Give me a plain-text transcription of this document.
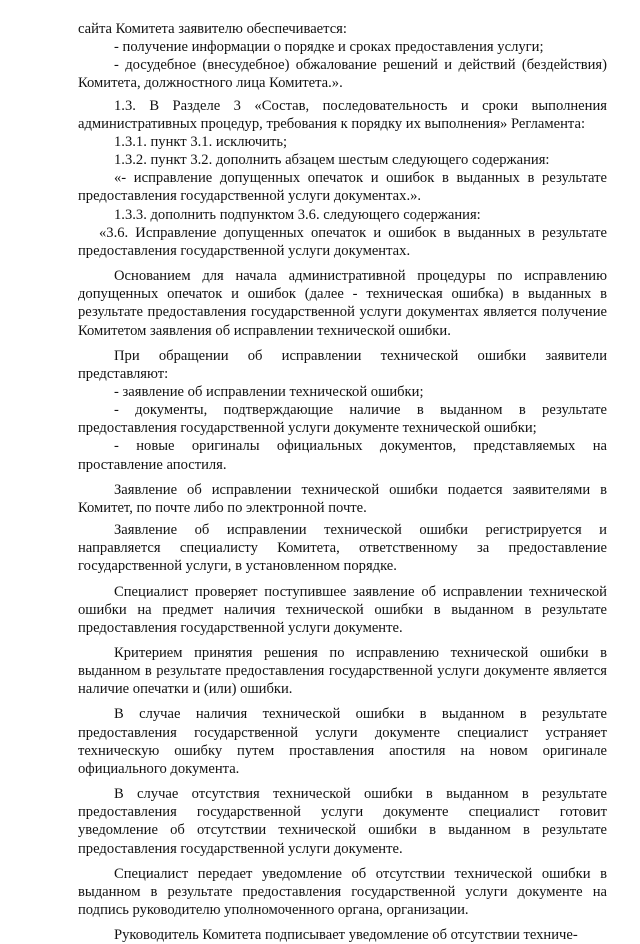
сайта Комитета заявителю обеспечивается:

- получение информации о порядке и сроках предоставления услуги;

- досудебное (внесудебное) обжалование решений и действий (бездействия) Комитета, должностного лица Комитета.».

1.3. В Разделе 3 «Состав, последовательность и сроки выполнения административных процедур, требования к порядку их выполнения» Регламента:

1.3.1. пункт 3.1. исключить;

1.3.2. пункт 3.2. дополнить абзацем шестым следующего содержания:

«- исправление допущенных опечаток и ошибок в выданных в результате предоставления государственной услуги документах.».

1.3.3. дополнить подпунктом 3.6. следующего содержания:

«3.6. Исправление допущенных опечаток и ошибок в выданных в результате предоставления государственной услуги документах.

Основанием для начала административной процедуры по исправлению допущенных опечаток и ошибок (далее - техническая ошибка) в выданных в результате предоставления государственной услуги документах является получение Комитетом заявления об исправлении технической ошибки.

При обращении об исправлении технической ошибки заявители представляют:

- заявление об исправлении технической ошибки;

- документы, подтверждающие наличие в выданном в результате предоставления государственной услуги документе технической ошибки;

- новые оригиналы официальных документов, представляемых на проставление апостиля.

Заявление об исправлении технической ошибки подается заявителями в Комитет, по почте либо по электронной почте.

Заявление об исправлении технической ошибки регистрируется и направляется специалисту Комитета, ответственному за предоставление государственной услуги, в установленном порядке.

Специалист проверяет поступившее заявление об исправлении технической ошибки на предмет наличия технической ошибки в выданном в результате предоставления государственной услуги документе.

Критерием принятия решения по исправлению технической ошибки в выданном в результате предоставления государственной услуги документе является наличие опечатки и (или) ошибки.

В случае наличия технической ошибки в выданном в результате предоставления государственной услуги документе специалист устраняет техническую ошибку путем проставления апостиля на новом оригинале официального документа.

В случае отсутствия технической ошибки в выданном в результате предоставления государственной услуги документе специалист готовит уведомление об отсутствии технической ошибки в выданном в результате предоставления государственной услуги документе.

Специалист передает уведомление об отсутствии технической ошибки в выданном в результате предоставления государственной услуги документе на подпись руководителю уполномоченного органа, организации.

Руководитель Комитета подписывает уведомление об отсутствии техниче-
